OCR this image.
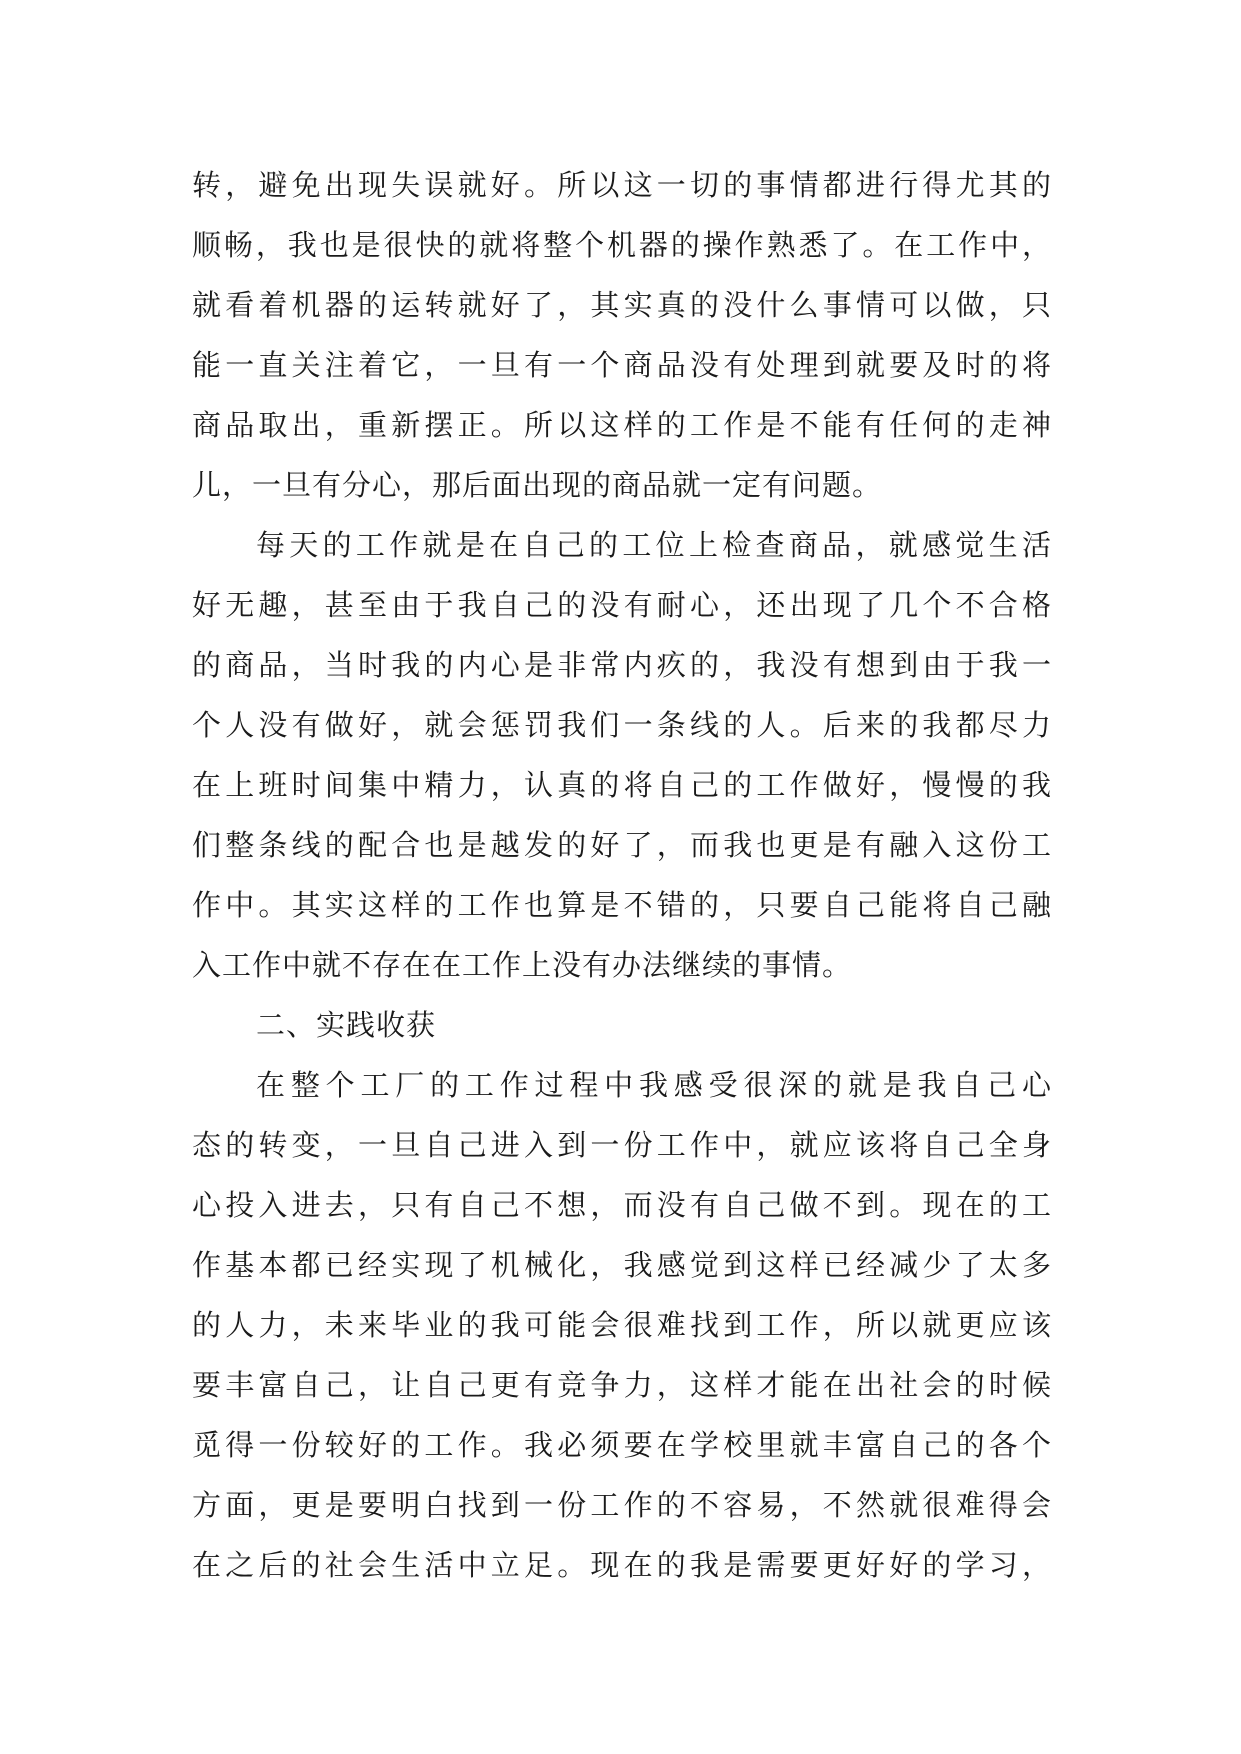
转，避免出现失误就好。所以这一切的事情都进行得尤其的
顺畅，我也是很快的就将整个机器的操作熟悉了。在工作中，
就看着机器的运转就好了，其实真的没什么事情可以做，只
能一直关注着它，一旦有一个商品没有处理到就要及时的将
商品取出，重新摆正。所以这样的工作是不能有任何的走神
儿，一旦有分心，那后面出现的商品就一定有问题。
每天的工作就是在自己的工位上检查商品，就感觉生活
好无趣，甚至由于我自己的没有耐心，还出现了几个不合格
的商品，当时我的内心是非常内疚的，我没有想到由于我一
个人没有做好，就会惩罚我们一条线的人。后来的我都尽力
在上班时间集中精力，认真的将自己的工作做好，慢慢的我
们整条线的配合也是越发的好了，而我也更是有融入这份工
作中。其实这样的工作也算是不错的，只要自己能将自己融
入工作中就不存在在工作上没有办法继续的事情。
二、实践收获
在整个工厂的工作过程中我感受很深的就是我自己心
态的转变，一旦自己进入到一份工作中，就应该将自己全身
心投入进去，只有自己不想，而没有自己做不到。现在的工
作基本都已经实现了机械化，我感觉到这样已经减少了太多
的人力，未来毕业的我可能会很难找到工作，所以就更应该
要丰富自己，让自己更有竞争力，这样才能在出社会的时候
觅得一份较好的工作。我必须要在学校里就丰富自己的各个
方面，更是要明白找到一份工作的不容易，不然就很难得会
在之后的社会生活中立足。现在的我是需要更好好的学习，
